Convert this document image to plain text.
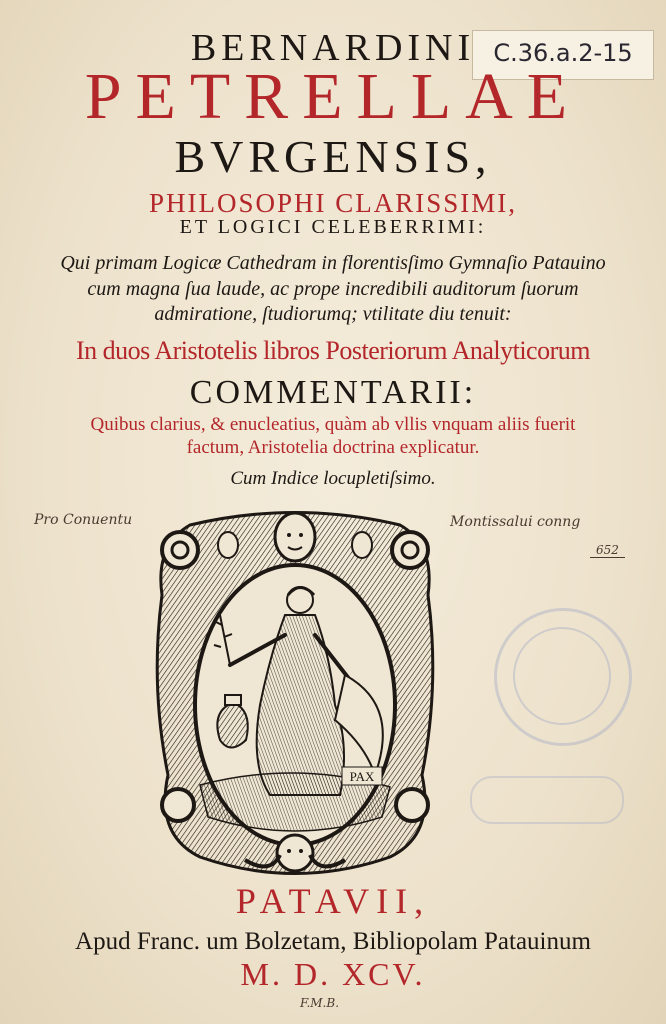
C.36.a.2-15
BERNARDINI
PETRELLAE
BVRGENSIS,
PHILOSOPHI CLARISSIMI,
ET LOGICI CELEBERRIMI:
Qui primam Logicæ Cathedram in florentisſimo Gymnaſio Patauino
cum magna ſua laude, ac prope incredibili auditorum ſuorum
admiratione, ſtudiorumq; vtilitate diu tenuit:
In duos Aristotelis libros Posteriorum Analyticorum
COMMENTARII:
Quibus clarius, & enucleatius, quàm ab vllis vnquam aliis fuerit
factum, Aristotelia doctrina explicatur.
Cum Indice locupletiſsimo.
Pro Conuentu	Montissalui conng
652
PAX
PATAVII,
Apud Franc. um Bolzetam, Bibliopolam Patauinum
M. D. XCV.
F.M.B.
